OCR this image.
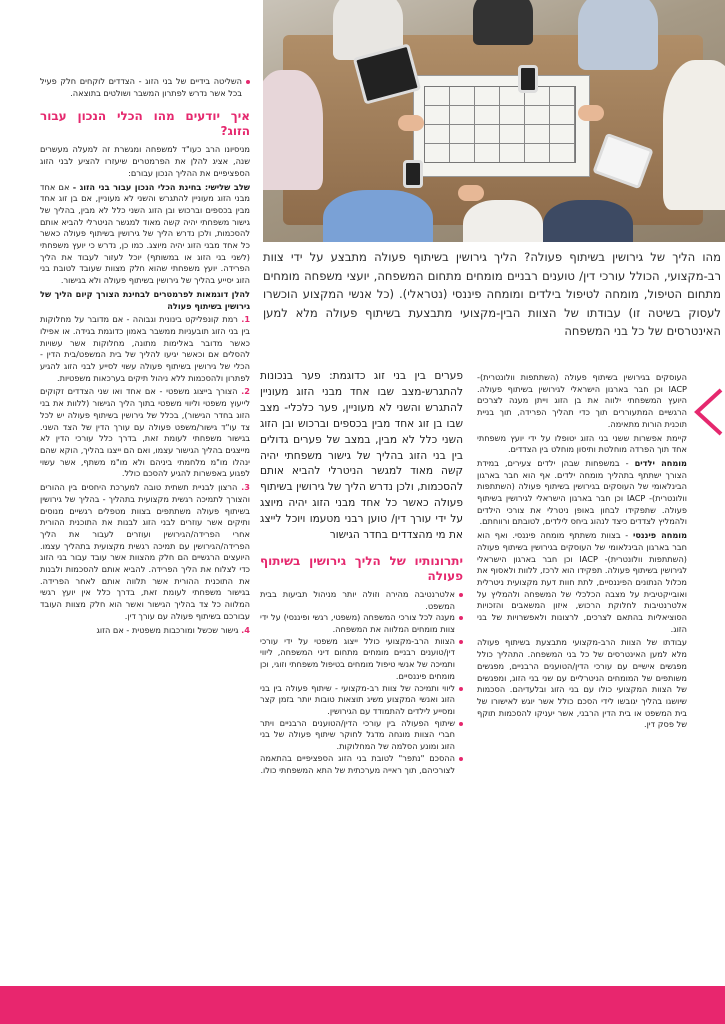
מהו הליך של גירושין בשיתוף פעולה? הליך גירושין בשיתוף פעולה מתבצע על ידי צוות רב-מקצועי, הכולל עורכי דין/ טוענים רבניים מומחים מתחום המשפחה, יועצי משפחה מומחים מתחום הטיפול, מומחה לטיפול בילדים ומומחה פיננסי (נטראלי). (כל אנשי המקצוע הוכשרו לעסוק בשיטה זו) עבודתו של הצוות הבין-מקצועי מתבצעת בשיתוף פעולה מלא למען האינטרסים של כל בני המשפחה

העוסקים בגירושין בשיתוף פעולה (השתתפות וולונטרית)- IACP וכן חבר בארגון הישראלי לגירושין בשיתוף פעולה. היועץ המשפחתי ילווה את בן הזוג וייתן מענה לצרכים הרגשיים המתעוררים תוך כדי תהליך הפרידה, תוך בניית תוכנית הורות מתאימה.

קיימת אפשרות ששני בני הזוג יטופלו על ידי יועץ משפחתי אחד תוך הפרדה מוחלטת ותיסון מוחלט בין הצדדים.

מומחה ילדים - במשפחות שבהן ילדים צעירים, במידת הצורך ישתתף בתהליך מומחה ילדים. אף הוא חבר בארגון הבינלאומי של העוסקים בגירושין בשיתוף פעולה (השתתפות וולונטרית)- IACP וכן חבר בארגון הישראלי לגירושין בשיתוף פעולה. שתפקידו לבחון באופן ניטרלי את צורכי הילדים ולהמליץ לצדדים כיצד לנהוג ביחס לילדים, לטובתם ורווחתם.

מומחה פיננסי - בצוות משתתף מומחה פיננסי. ואף הוא חבר בארגון הבינלאומי של העוסקים בגירושין בשיתוף פעולה (השתתפות וולונטרית)- IACP וכן חבר בארגון הישראלי לגירושין בשיתוף פעולה. תפקידו הוא לרכז, ללוות ולאסוף את מכלול הנתונים הפיננסיים, לתת חוות דעת מקצועית ניטרלית ואובייקטיבית על מצבה הכלכלי של המשפחה ולהמליץ על אלטרנטיבות לחלוקת הרכוש, איזון המשאבים והזכויות הסוציאליות בהתאם לצרכים, לרצונות ולאפשרויות של בני הזוג.

עבודתו של הצוות הרב-מקצועי מתבצעת בשיתוף פעולה מלא למען האינטרסים של כל בני המשפחה. התהליך כולל מפגשים אישיים עם עורכי הדין/הטוענים הרבניים, מפגשים משותפים של המומחים הניטרליים עם שני בני הזוג, ומפגשים של הצוות המקצועי כולו עם בני הזוג ובלעדיהם. הסכמות שיושגו בהליך יגובשו לידי הסכם כולל אשר יוגש לאישורו של בית המשפט או בית הדין הרבני, אשר יעניקו להסכמות תוקף של פסק דין.

פערים בין בני זוג כדוגמת: פער בנכונות להתגרש-מצב שבו אחד מבני הזוג מעוניין להתגרש והשני לא מעוניין, פער כלכלי- מצב שבו בן זוג אחד מבין בכספים וברכוש ובן הזוג השני כלל לא מבין, במצב של פערים גדולים בין בני הזוג בהליך של גישור משפחתי יהיה קשה מאוד למגשר הניטרלי להביא אותם להסכמות, ולכן נדרש הליך של גירושין בשיתוף פעולה כאשר כל אחד מבני הזוג יהיה מיוצג על ידי עורך דין/ טוען רבני מטעמו ויוכל לייצג את מי מהצדדים בחדר הגישור

יתרונותיו של הליך גירושין בשיתוף פעולה

אלטרנטיבה מהירה וזולה יותר מניהול תביעות בבית המשפט.

מענה לכל צורכי המשפחה (משפטי, רגשי ופיננסי) על ידי צוות מומחים המלווה את המשפחה.

הצוות הרב-מקצועי כולל ייצוג משפטי על ידי עורכי דין/טוענים רבניים מומחים מתחום דיני המשפחה, ליווי ותמיכה של אנשי טיפול מומחים בטיפול משפחתי וזוגי, וכן מומחים פיננסיים.

ליווי ותמיכה של צוות רב-מקצועי - שיתוף פעולה בין בני הזוג ואנשי המקצוע משיג תוצאות טובות יותר בזמן קצר ומסייע לילדים להתמודד עם הגירושין.

שיתוף הפעולה בין עורכי הדין/הטוענים הרבניים ויתר חברי הצוות מונחה מדגל לחוקר שיתוף פעולה של בני הזוג ומונע הסלמה של המחלוקות.

ההסכם "נתפר" לטובת בני הזוג הספציפיים בהתאמה לצורכיהם, תוך ראייה מערכתית של התא המשפחתי כולו.

השליטה בידיים של בני הזוג - הצדדים לוקחים חלק פעיל בכל אשר נדרש לפתרון המשבר ושולטים בתוצאה.

איך יודעים מהו הכלי הנכון עבור הזוג?

מניסיונו הרב כעו"ד למשפחה ומגשרת זה למעלה מעשרים שנה, אציג להלן את הפרמטרים שיעזרו להציע לבני הזוג הספציפיים את ההליך הנכון עבורם:

שלב שלישי: בחינת הכלי הנכון עבור בני הזוג - אם אחד מבני הזוג מעוניין להתגרש והשני לא מעוניין, אם בן זוג אחד מבין בכספים וברכוש ובן הזוג השני כלל לא מבין, בהליך של גישור משפחתי יהיה קשה מאוד למגשר הניטרלי להביא אותם להסכמות, ולכן נדרש הליך של גירושין בשיתוף פעולה כאשר כל אחד מבני הזוג יהיה מיוצג. כמו כן, נדרש כי יועץ משפחתי (לשני בני הזוג או במשותף) יוכל לעזור לעבוד את הליך הפרידה. יועץ משפחתי שהוא חלק מצוות שעובד לטובת בני הזוג יסייע בהליך של גירושין בשיתוף פעולה ולא בגישור.

להלן דוגמאות לפרמטרים לבחינת הצורך קיום הליך של גירושין בשיתוף פעולה

1. רמת קונפליקט בינונית וגבוהה - אם מדובר על מחלוקות בין בני הזוג תובעניות ממשבר באמון כדוגמת בגידה. או אפילו כאשר מדובר באלימות מתונה, מחלוקות אשר עשויות להסלים אם וכאשר יגיעו להליך של בית המשפט/בית הדין - הכלי של גירושין בשיתוף פעולה עשוי לסייע לבני הזוג להגיע לפתרון ולהסכמות ללא ניהול תיקים בערכאות משפטיות.

2. הצורך בייצוג משפטי - אם אחד ואו שני הצדדים זקוקים לייעוץ משפטי וליווי משפטי בתוך הליך הגישור (ללוות את בני הזוג בחדר הגישור), בכלל של גירושין בשיתוף פעולה יש לכל צד עו"ד גישור/משפט פעולה עם עורך הדין של הצד השני. בגישור משפחתי לעומת זאת, בדרך כלל עורכי הדין לא מייצגים בהליך הגישור עצמו, ואם הם ייצגו בהליך, הוקא שהם ינהלו מו"מ מלחמתי ביניהם ולא מו"מ משתף, אשר עשוי לפגוע באפשרות להגיע להסכם כולל.

3. הרצון לבניית תשתית טובה למערכת היחסים בין ההורים והצורך לתמיכה רגשית מקצועית בתהליך - בהליך של גירושין בשיתוף פעולה משתתפים בצוות מטפלים רגשיים מנוסים ותיקים אשר עוזרים לבני הזוג לבנות את התוכנית ההורית אחרי הפרידה/הגירושין ועוזרים לעבור את הליך הפרידה/הגירושין עם תמיכה רגשית מקצועית בתהליך עצמו. היועצים הרגשיים הם חלק מהצוות אשר עובד עבור בני הזוג כדי לצלוח את הליך הפרידה. להביא אותם להסכמות ולבנות את התוכנית ההורית אשר תלווה אותם לאחר הפרידה. בגישור משפחתי לעומת זאת, בדרך כלל אין יועץ רגשי המלווה כל צד בהליך הגישור ואשר הוא חלק מצוות העובד עבורכם בשיתוף פעולה עם עורך דין.

4. גישור שכשל ומורכבות משפטית - אם הזוג
